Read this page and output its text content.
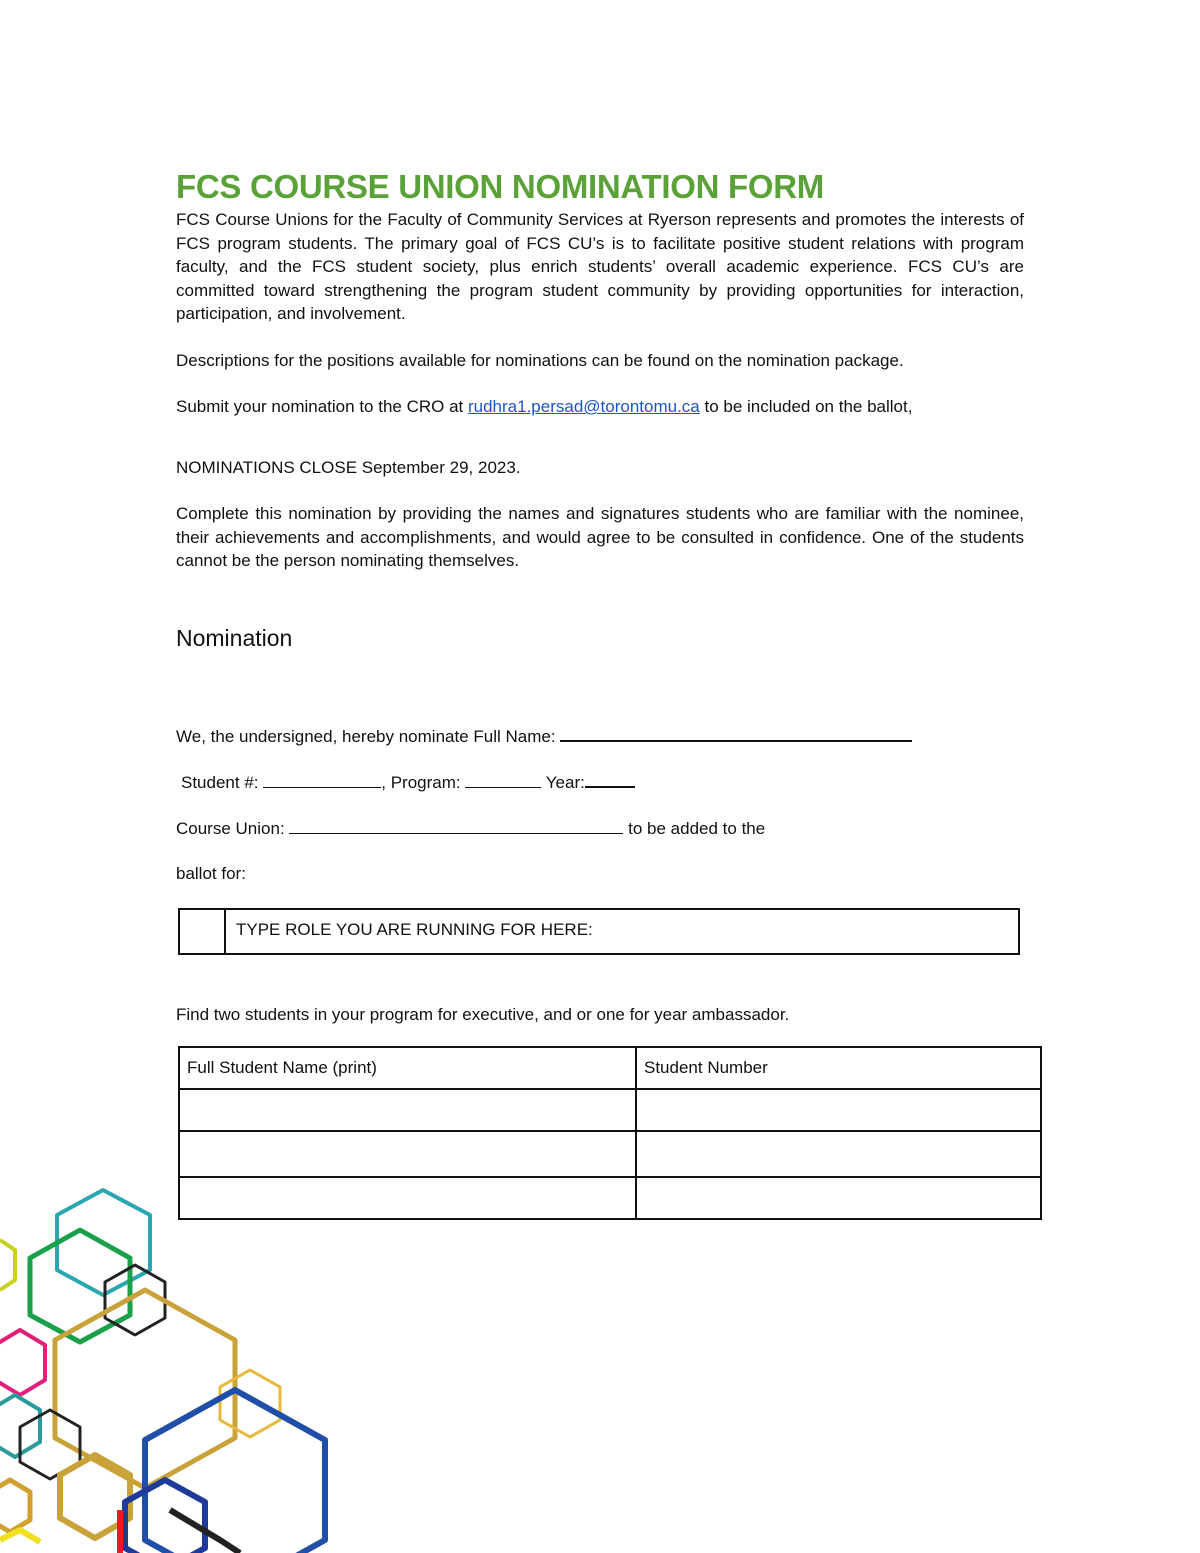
FCS COURSE UNION NOMINATION FORM

FCS Course Unions for the Faculty of Community Services at Ryerson represents and promotes the interests of FCS program students. The primary goal of FCS CU’s is to facilitate positive student relations with program faculty, and the FCS student society, plus enrich students’ overall academic experience. FCS CU’s are committed toward strengthening the program student community by providing opportunities for interaction, participation, and involvement.

Descriptions for the positions available for nominations can be found on the nomination package.

Submit your nomination to the CRO at rudhra1.persad@torontomu.ca to be included on the ballot,

NOMINATIONS CLOSE September 29, 2023.

Complete this nomination by providing the names and signatures students who are familiar with the nominee, their achievements and accomplishments, and would agree to be consulted in confidence. One of the students cannot be the person nominating themselves.

Nomination
We, the undersigned, hereby nominate Full Name:
Student #:	, Program:	Year:
Course Union:	to be added to the
ballot for:
TYPE ROLE YOU ARE RUNNING FOR HERE:
Find two students in your program for executive, and or one for year ambassador.
Full Student Name (print)	Student Number
